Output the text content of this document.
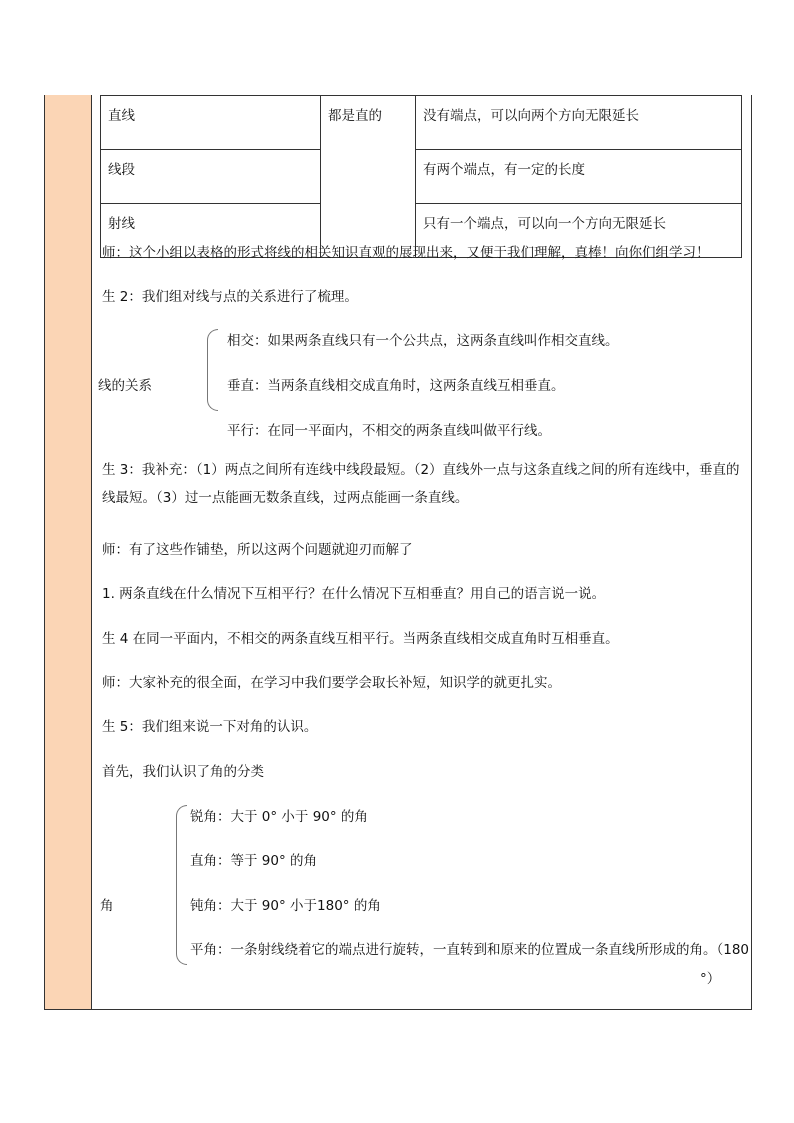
直线	都是直的	没有端点，可以向两个方向无限延长
线段		有两个端点，有一定的长度
射线		只有一个端点，可以向一个方向无限延长
师：这个小组以表格的形式将线的相关知识直观的展现出来，又便于我们理解，真棒！向你们组学习！
生 2：我们组对线与点的关系进行了梳理。
线的关系
相交：如果两条直线只有一个公共点，这两条直线叫作相交直线。
垂直：当两条直线相交成直角时，这两条直线互相垂直。
平行：在同一平面内，不相交的两条直线叫做平行线。
生 3：我补充：（1）两点之间所有连线中线段最短。（2）直线外一点与这条直线之间的所有连线中，垂直的线最短。（3）过一点能画无数条直线，过两点能画一条直线。
师：有了这些作铺垫，所以这两个问题就迎刃而解了
1. 两条直线在什么情况下互相平行？在什么情况下互相垂直？用自己的语言说一说。
生 4 在同一平面内，不相交的两条直线互相平行。当两条直线相交成直角时互相垂直。
师：大家补充的很全面，在学习中我们要学会取长补短，知识学的就更扎实。
生 5：我们组来说一下对角的认识。
首先，我们认识了角的分类
角
锐角：大于 0° 小于 90° 的角
直角：等于 90° 的角
钝角：大于 90° 小于180° 的角
平角：一条射线绕着它的端点进行旋转，一直转到和原来的位置成一条直线所形成的角。（180
°）
